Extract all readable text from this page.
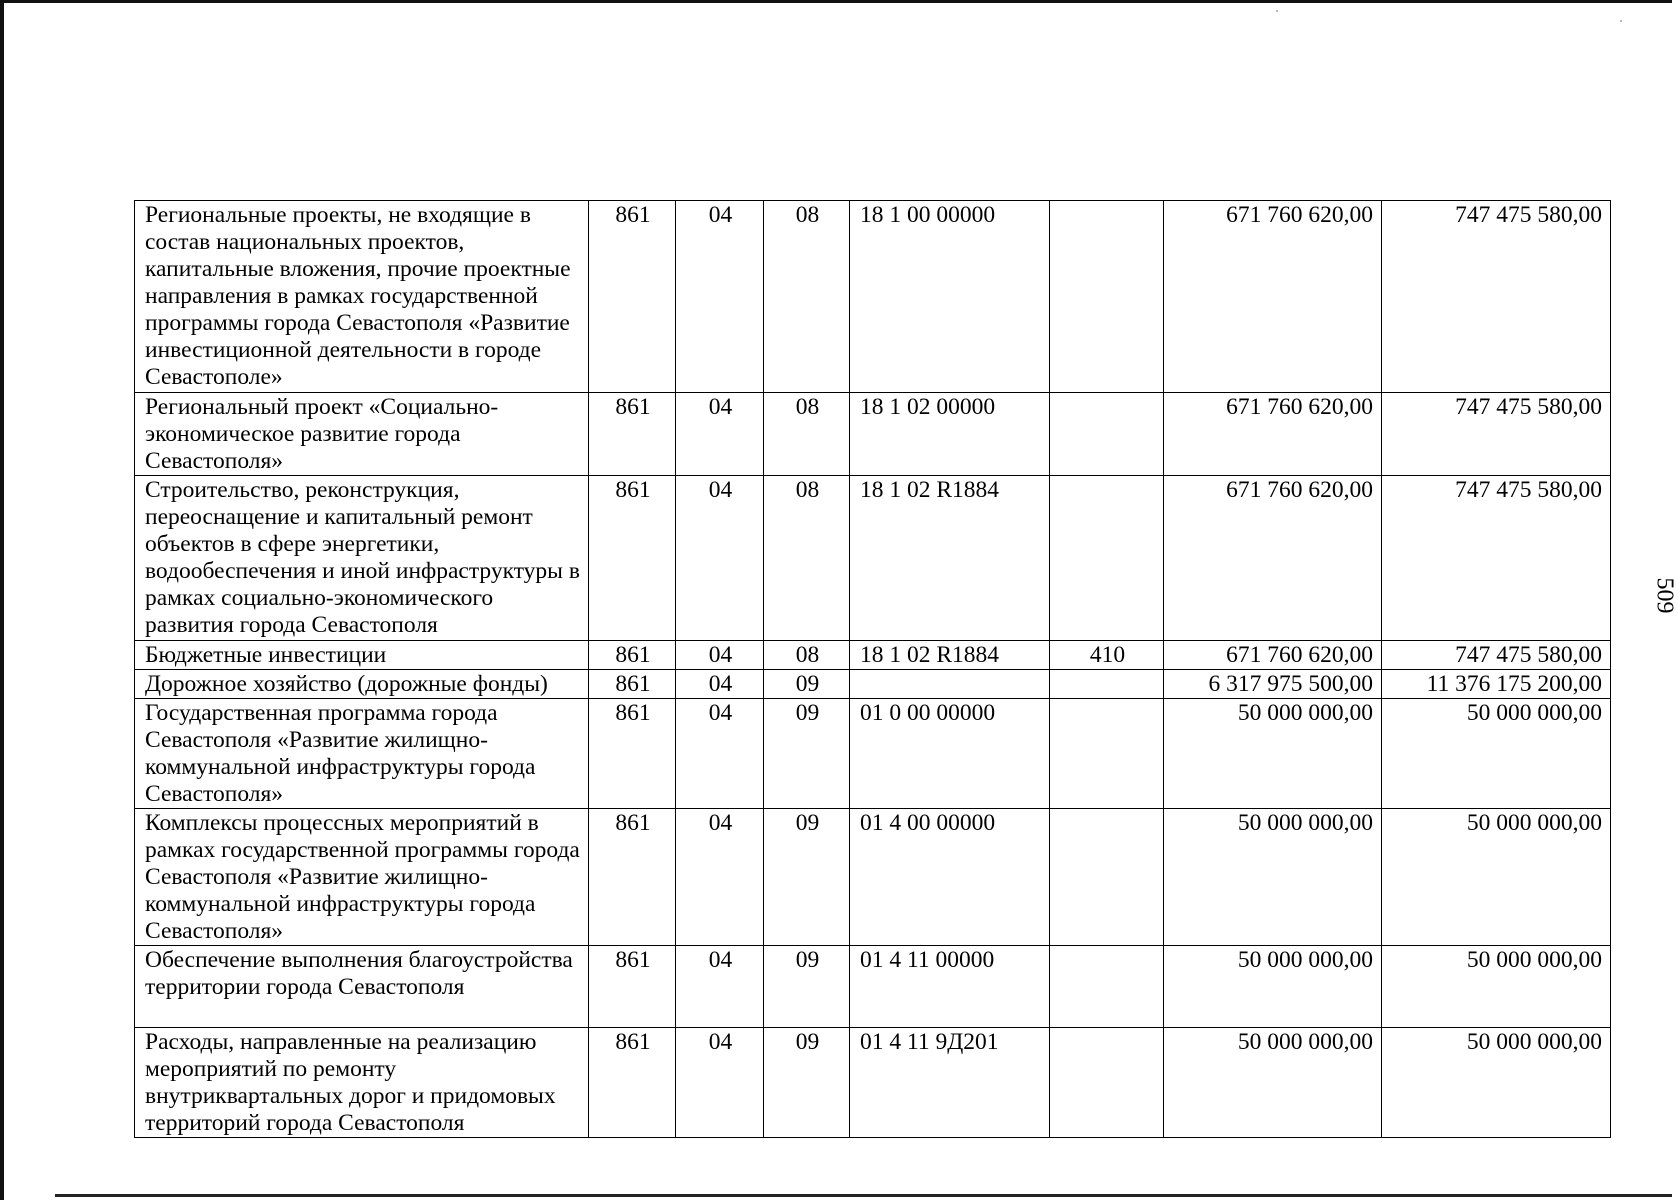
Региональные проекты, не входящие в состав национальных проектов, капитальные вложения, прочие проектные направления в рамках государственной программы города Севастополя «Развитие инвестиционной деятельности в городе Севастополе»	861	04	08	18 1 00 00000		671 760 620,00	747 475 580,00
Региональный проект «Социально-экономическое развитие города Севастополя»	861	04	08	18 1 02 00000		671 760 620,00	747 475 580,00
Строительство, реконструкция, переоснащение и капитальный ремонт объектов в сфере энергетики, водообеспечения и иной инфраструктуры в рамках социально-экономического развития города Севастополя	861	04	08	18 1 02 R1884		671 760 620,00	747 475 580,00
Бюджетные инвестиции	861	04	08	18 1 02 R1884	410	671 760 620,00	747 475 580,00
Дорожное хозяйство (дорожные фонды)	861	04	09			6 317 975 500,00	11 376 175 200,00
Государственная программа города Севастополя «Развитие жилищно-коммунальной инфраструктуры города Севастополя»	861	04	09	01 0 00 00000		50 000 000,00	50 000 000,00
Комплексы процессных мероприятий в рамках государственной программы города Севастополя «Развитие жилищно-коммунальной инфраструктуры города Севастополя»	861	04	09	01 4 00 00000		50 000 000,00	50 000 000,00
Обеспечение выполнения благоустройства территории города Севастополя	861	04	09	01 4 11 00000		50 000 000,00	50 000 000,00
Расходы, направленные на реализацию мероприятий по ремонту внутриквартальных дорог и придомовых территорий города Севастополя	861	04	09	01 4 11 9Д201		50 000 000,00	50 000 000,00
509
